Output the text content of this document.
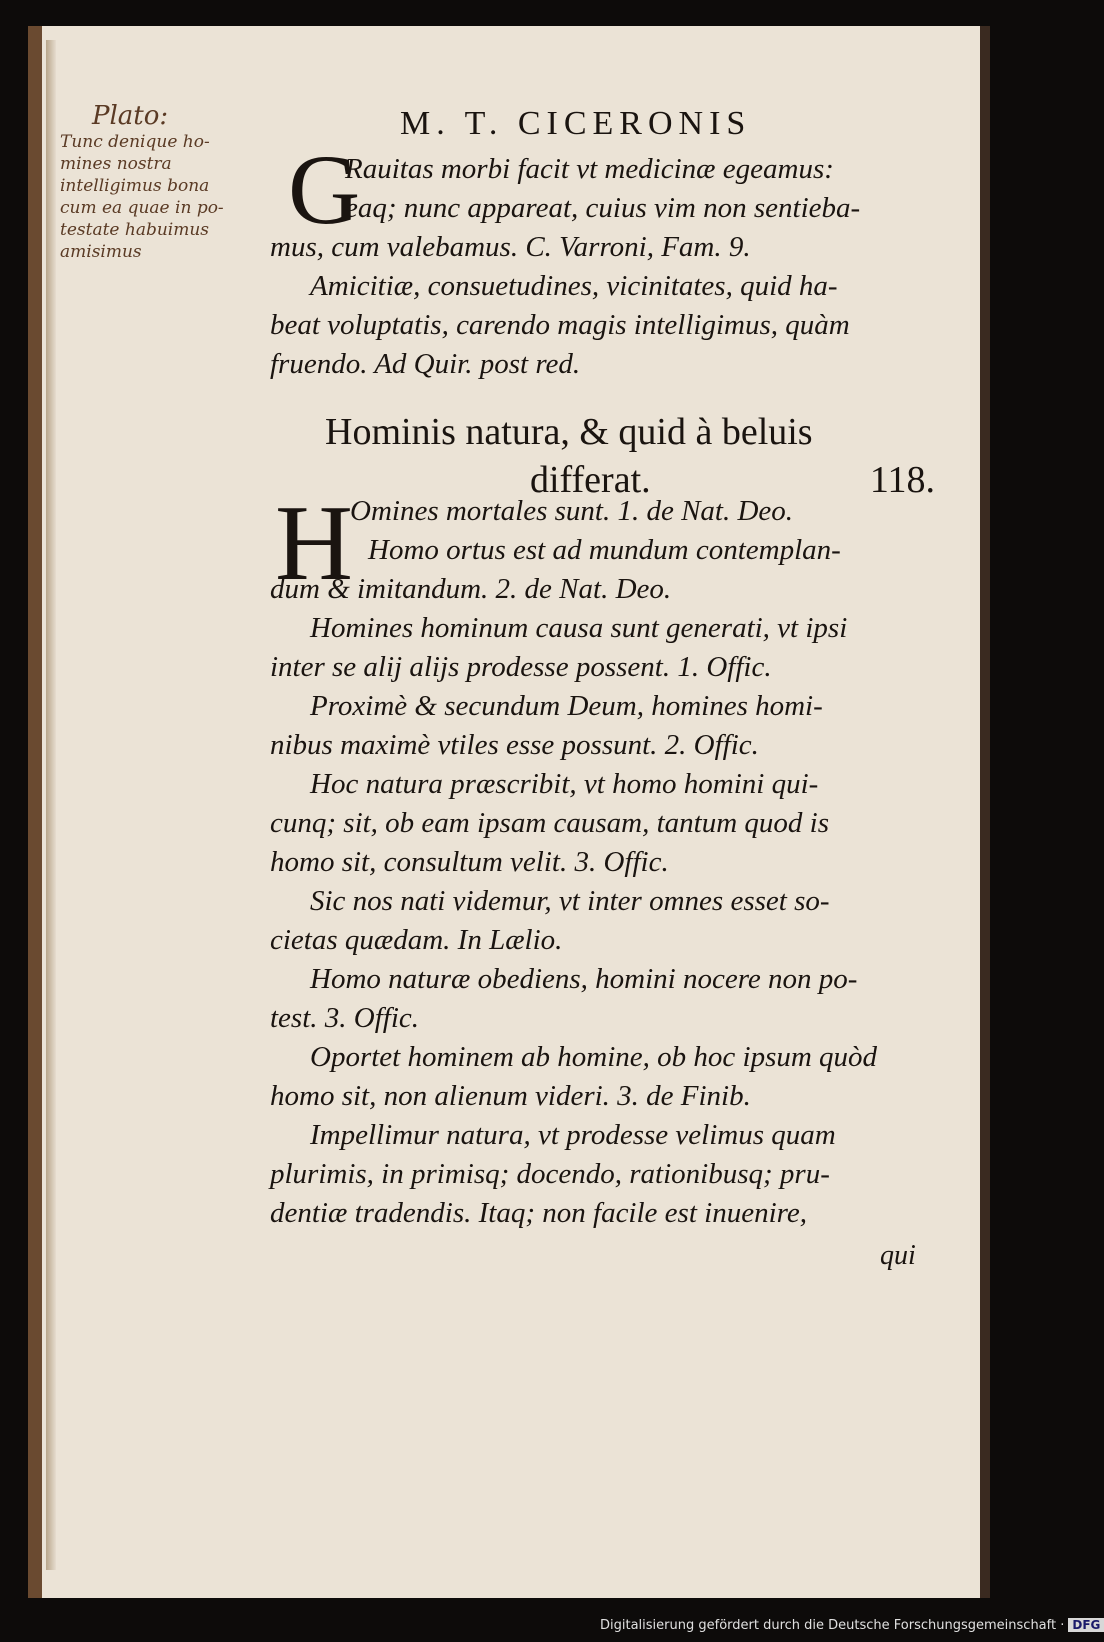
Plato:
Tunc denique ho-
mines nostra
intelligimus bona
cum ea quae in po-
testate habuimus
amisimus
M. T. CICERONIS
G
Rauitas morbi facit vt medicinæ egeamus:
eaq; nunc appareat, cuius vim non sentieba-
mus, cum valebamus. C. Varroni, Fam. 9.
Amicitiæ, consuetudines, vicinitates, quid ha-
beat voluptatis, carendo magis intelligimus, quàm
fruendo. Ad Quir. post red.
Hominis natura, & quid à beluis
differat.	118.
H
Omines mortales sunt. 1. de Nat. Deo.
Homo ortus est ad mundum contemplan-
dum & imitandum. 2. de Nat. Deo.
Homines hominum causa sunt generati, vt ipsi
inter se alij alijs prodesse possent. 1. Offic.
Proximè & secundum Deum, homines homi-
nibus maximè vtiles esse possunt. 2. Offic.
Hoc natura præscribit, vt homo homini qui-
cunq; sit, ob eam ipsam causam, tantum quod is
homo sit, consultum velit. 3. Offic.
Sic nos nati videmur, vt inter omnes esset so-
cietas quædam. In Lælio.
Homo naturæ obediens, homini nocere non po-
test. 3. Offic.
Oportet hominem ab homine, ob hoc ipsum quòd
homo sit, non alienum videri. 3. de Finib.
Impellimur natura, vt prodesse velimus quam
plurimis, in primisq; docendo, rationibusq; pru-
dentiæ tradendis. Itaq; non facile est inuenire,
qui
Digitalisierung gefördert durch die Deutsche Forschungsgemeinschaft · DFG
